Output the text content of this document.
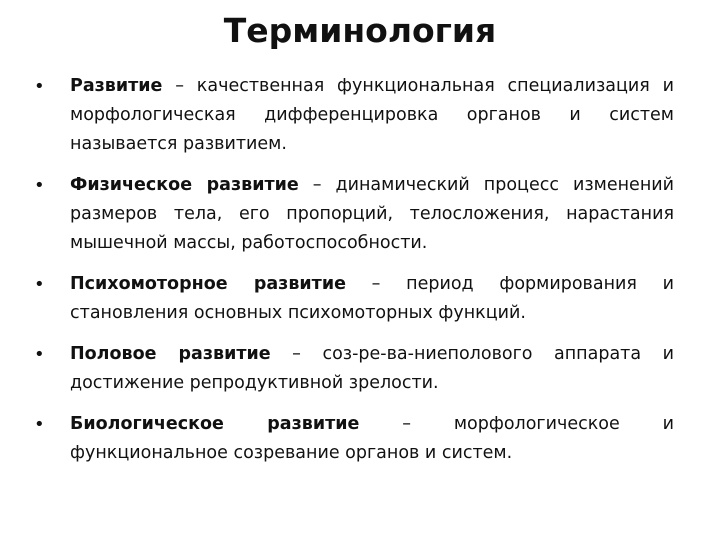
Терминология
• Развитие – качественная функциональная специализация и морфологическая дифференцировка органов и систем называется развитием.
• Физическое развитие – динамический процесс изменений размеров тела, его пропорций, телосложения, нарастания мышечной массы, работоспособности.
• Психомоторное развитие – период формирования и становления основных психомоторных функций.
• Половое развитие – соз-ре-ва-ниеполового аппарата и достижение репродуктивной зрелости.
• Биологическое развитие – морфологическое и функциональное созревание органов и систем.
